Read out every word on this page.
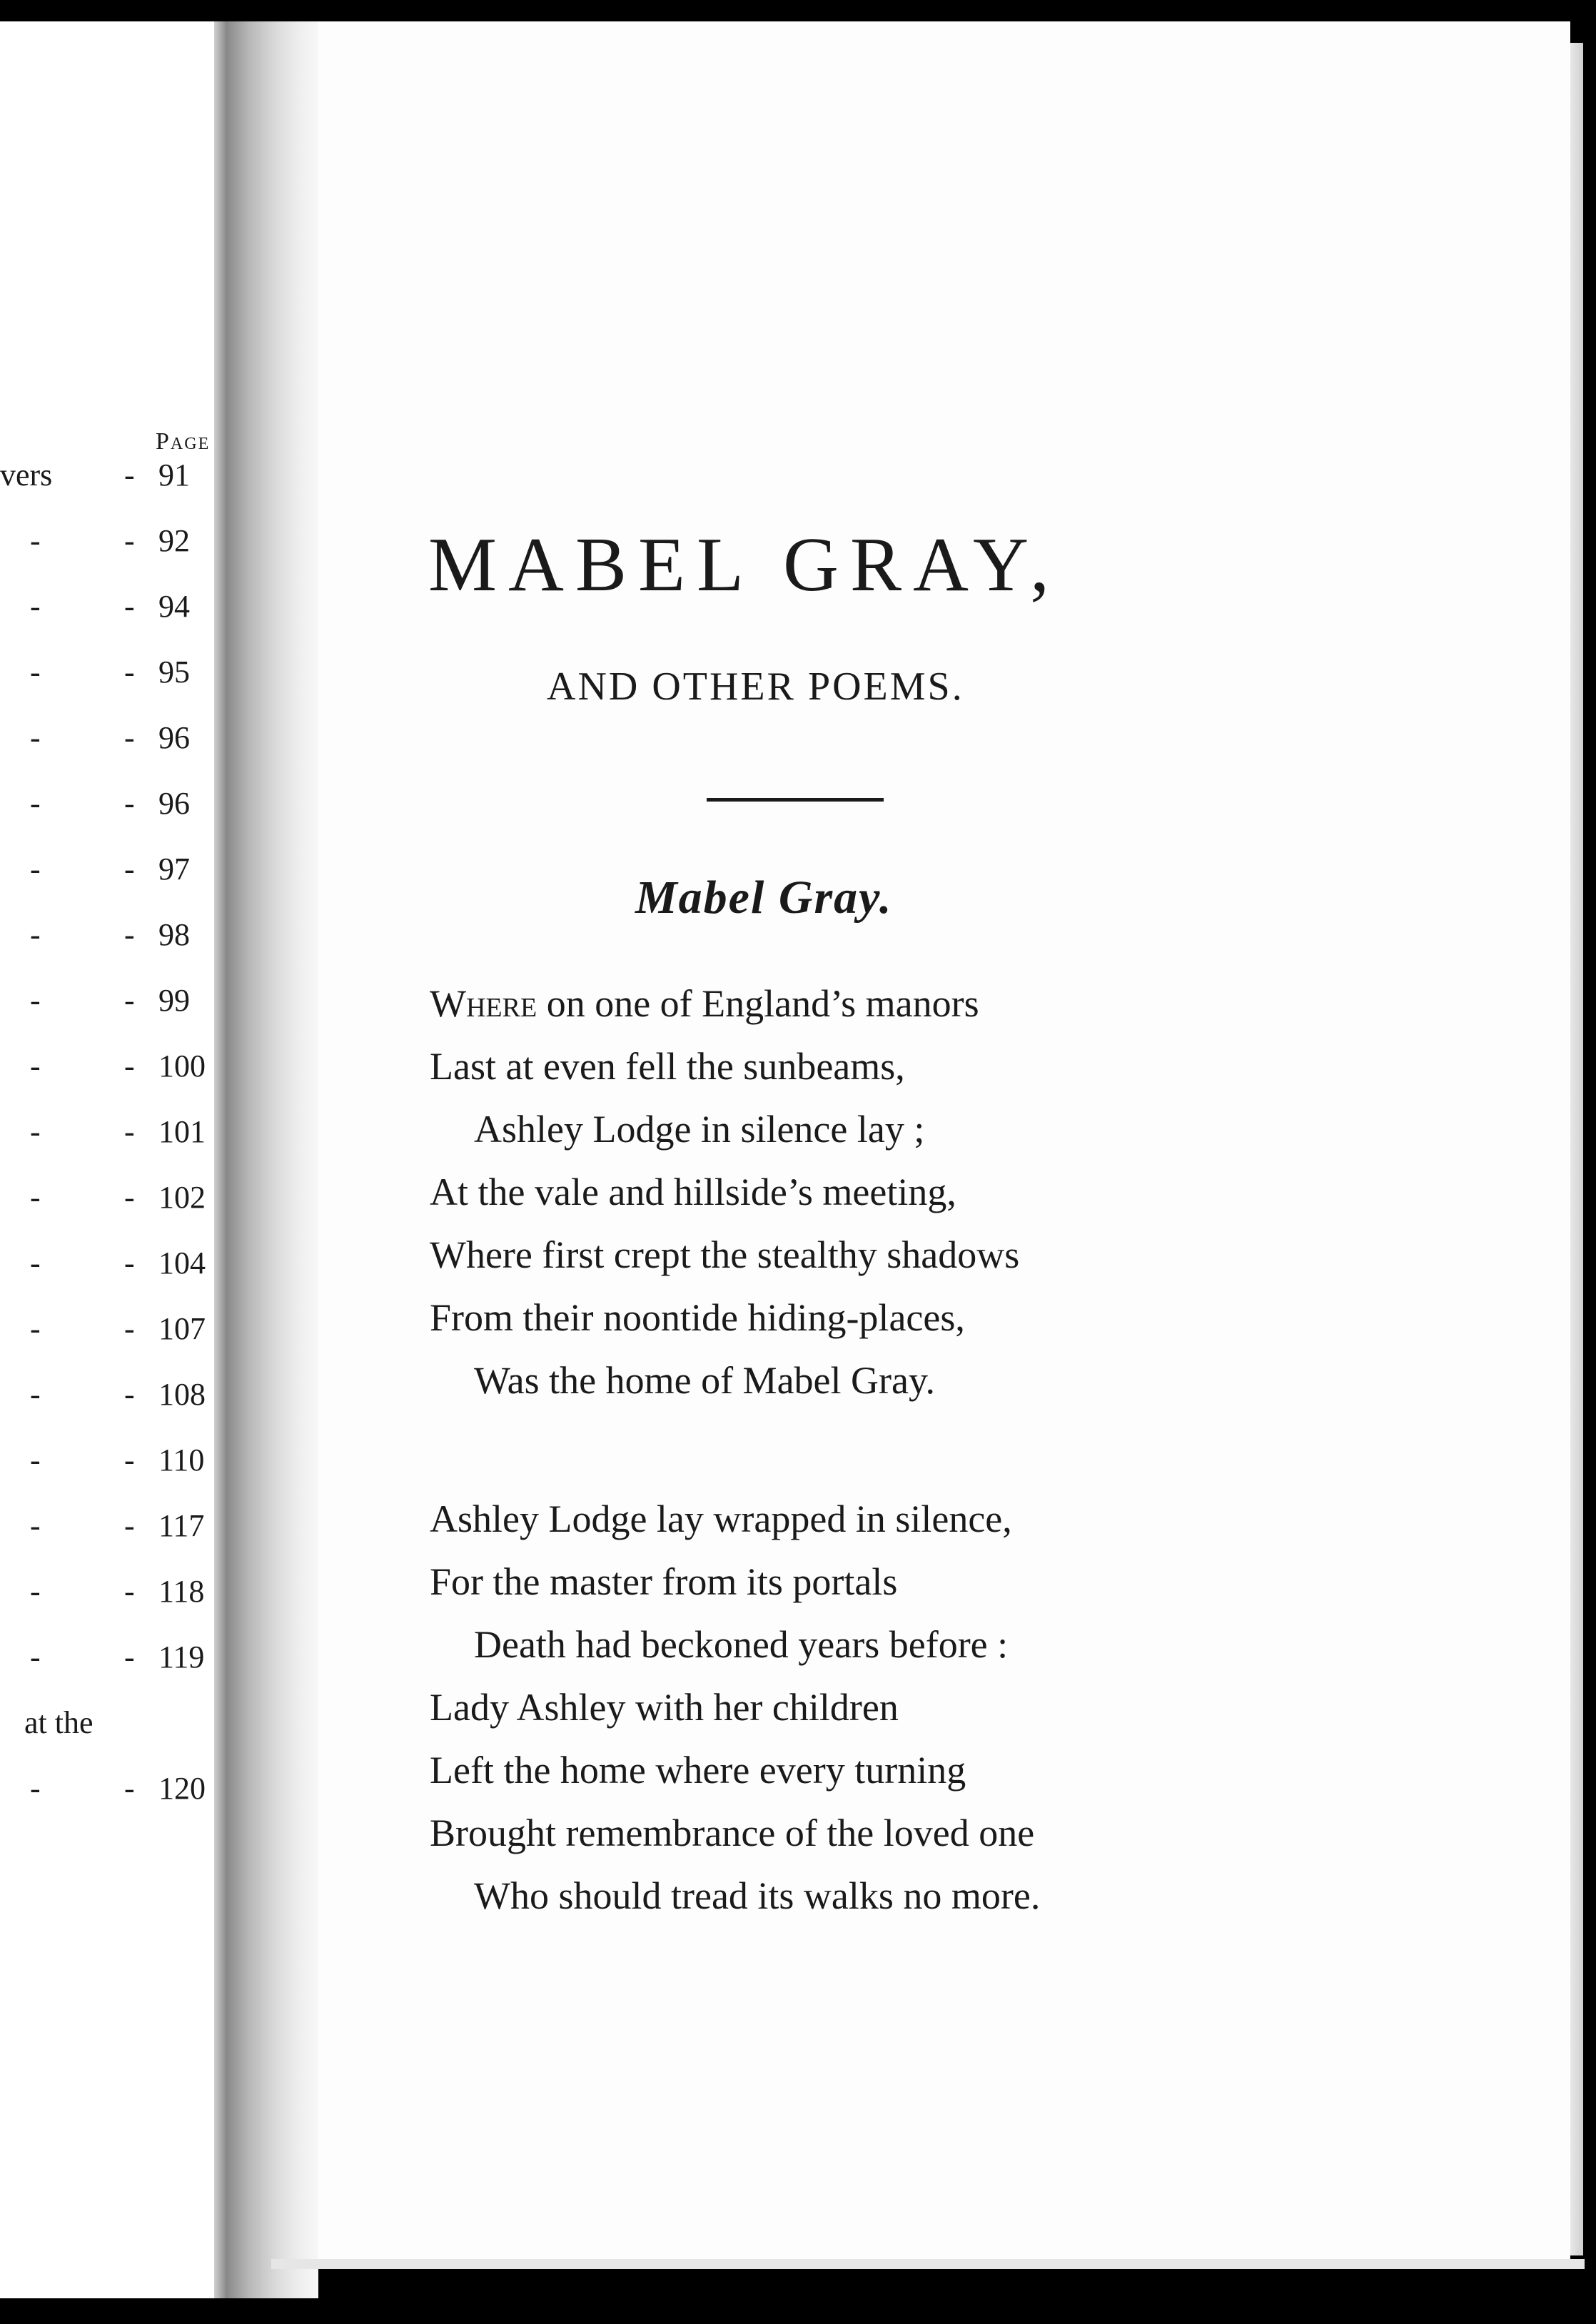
Page
vers - 91
-	- 92
-	- 94
-	- 95
-	- 96
-	- 96
-	- 97
-	- 98
-	- 99
-	- 100
-	- 101
-	- 102
-	- 104
-	- 107
-	- 108
-	- 110
-	- 117
-	- 118
-	- 119
at the
-	- 120
MABEL GRAY,
AND OTHER POEMS.
Mabel Gray.
Where on one of England’s manors
Last at even fell the sunbeams,
Ashley Lodge in silence lay ;
At the vale and hillside’s meeting,
Where first crept the stealthy shadows
From their noontide hiding-places,
Was the home of Mabel Gray.
Ashley Lodge lay wrapped in silence,
For the master from its portals
Death had beckoned years before :
Lady Ashley with her children
Left the home where every turning
Brought remembrance of the loved one
Who should tread its walks no more.
